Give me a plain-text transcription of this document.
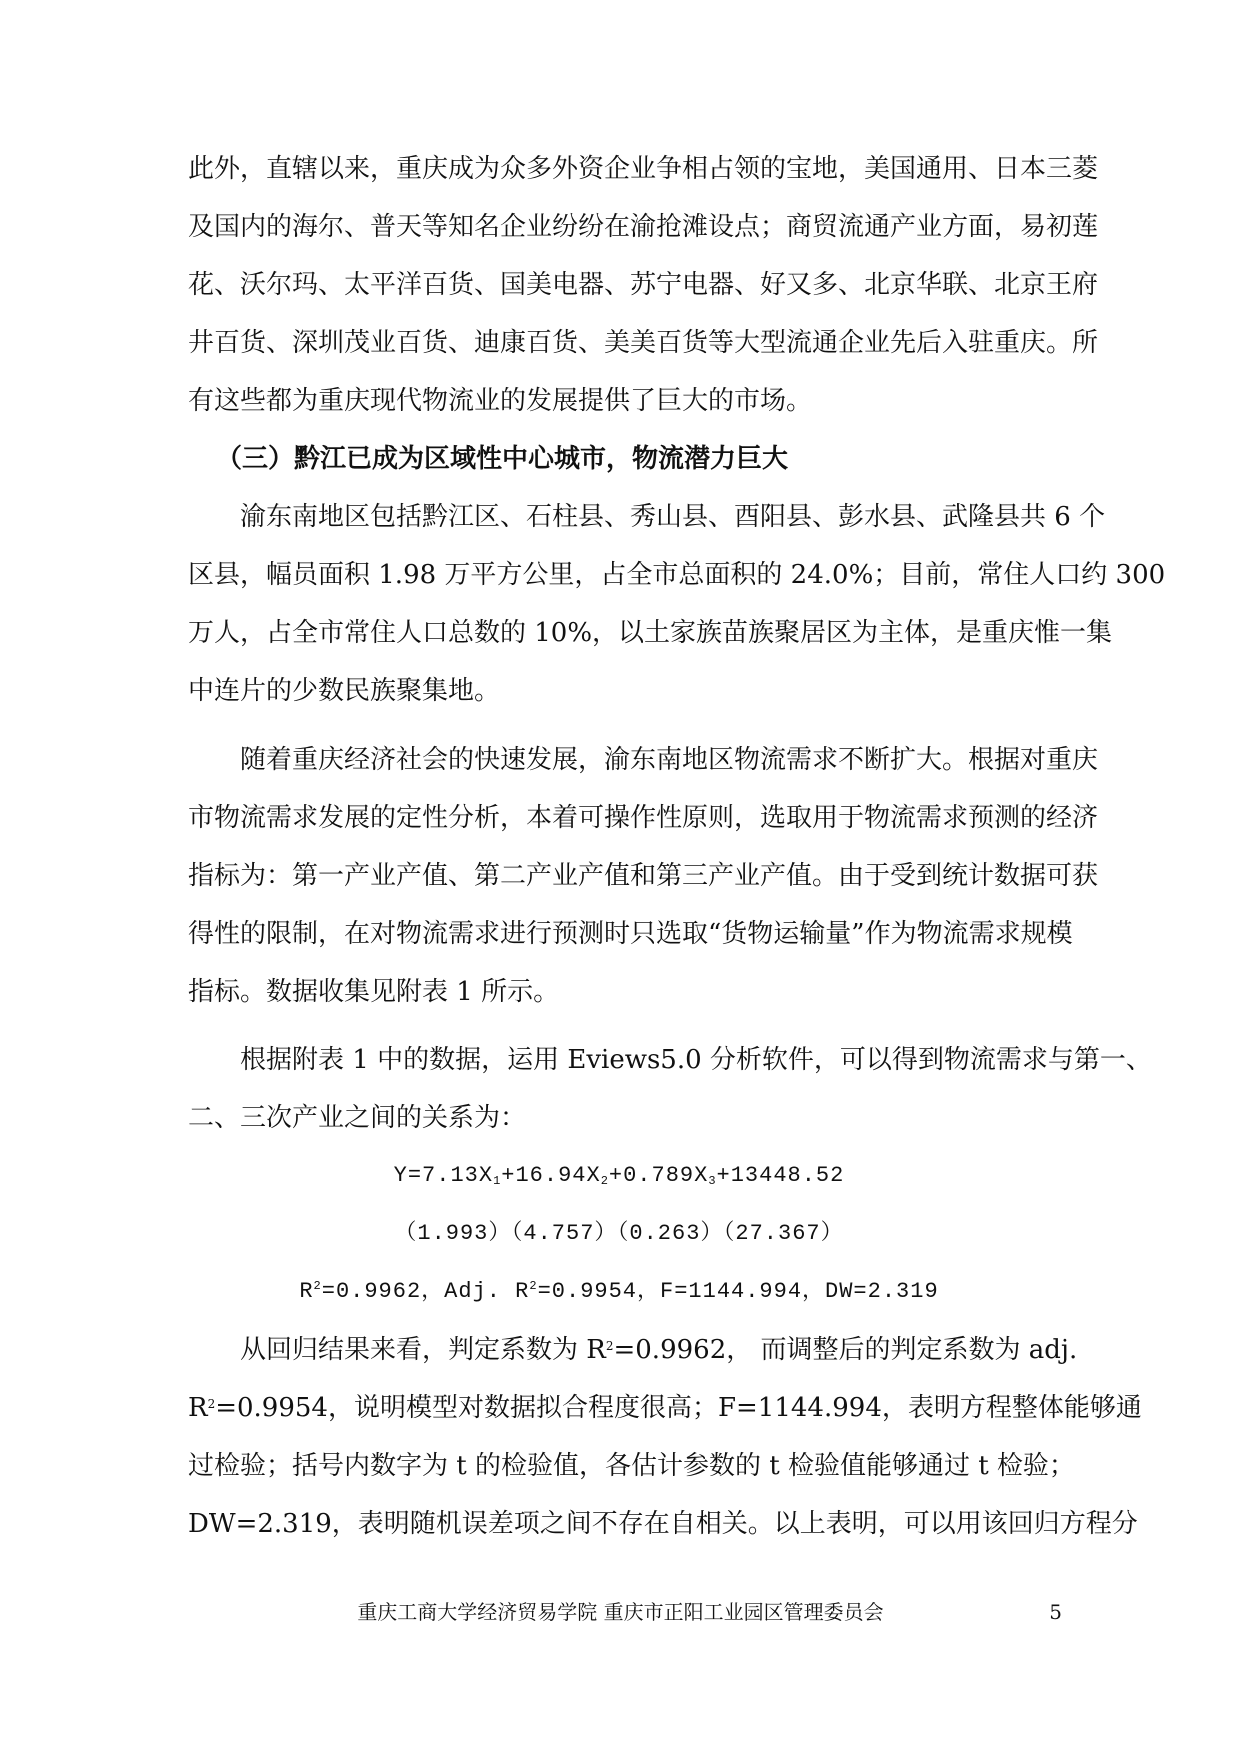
此外，直辖以来，重庆成为众多外资企业争相占领的宝地，美国通用、日本三菱
及国内的海尔、普天等知名企业纷纷在渝抢滩设点；商贸流通产业方面，易初莲
花、沃尔玛、太平洋百货、国美电器、苏宁电器、好又多、北京华联、北京王府
井百货、深圳茂业百货、迪康百货、美美百货等大型流通企业先后入驻重庆。所
有这些都为重庆现代物流业的发展提供了巨大的市场。
（三）黔江已成为区域性中心城市，物流潜力巨大
渝东南地区包括黔江区、石柱县、秀山县、酉阳县、彭水县、武隆县共 6 个
区县，幅员面积 1.98 万平方公里，占全市总面积的 24.0%；目前，常住人口约 300
万人，占全市常住人口总数的 10%，以土家族苗族聚居区为主体，是重庆惟一集
中连片的少数民族聚集地。
随着重庆经济社会的快速发展，渝东南地区物流需求不断扩大。根据对重庆
市物流需求发展的定性分析，本着可操作性原则，选取用于物流需求预测的经济
指标为：第一产业产值、第二产业产值和第三产业产值。由于受到统计数据可获
得性的限制，在对物流需求进行预测时只选取“货物运输量”作为物流需求规模
指标。数据收集见附表 1 所示。
根据附表 1 中的数据，运用 Eviews5.0 分析软件，可以得到物流需求与第一、
二、三次产业之间的关系为：
$Y=7.13X_1+16.94X_2+0.789X_3+13448.52$
（1.993）（4.757）（0.263）（27.367）
$R^2=0.9962$，Adj. $R^2=0.9954$，F=1144.994，DW=2.319
从回归结果来看，判定系数为 $R^2=0.9962$， 而调整后的判定系数为 adj.
$R^2=0.9954$，说明模型对数据拟合程度很高；F=1144.994，表明方程整体能够通
过检验；括号内数字为 t 的检验值，各估计参数的 t 检验值能够通过 t 检验；
DW=2.319，表明随机误差项之间不存在自相关。以上表明，可以用该回归方程分
重庆工商大学经济贸易学院 重庆市正阳工业园区管理委员会	5
